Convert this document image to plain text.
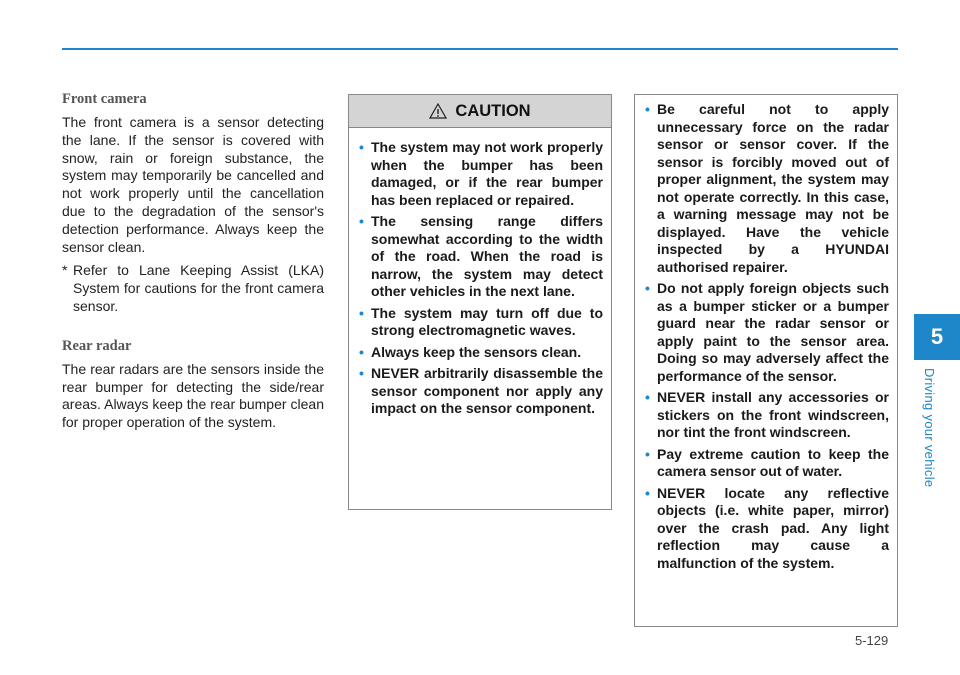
5
Driving your vehicle
Front camera

The front camera is a sensor detecting the lane. If the sensor is covered with snow, rain or foreign substance, the system may temporarily be cancelled and not work properly until the cancellation due to the degradation of the sensor's detection performance. Always keep the sensor clean.

* Refer to Lane Keeping Assist (LKA) System for cautions for the front camera sensor.
Rear radar

The rear radars are the sensors inside the rear bumper for detecting the side/rear areas. Always keep the rear bumper clean for proper operation of the system.

CAUTION
• The system may not work properly when the bumper has been damaged, or if the rear bumper has been replaced or repaired.
• The sensing range differs somewhat according to the width of the road. When the road is narrow, the system may detect other vehicles in the next lane.
• The system may turn off due to strong electromagnetic waves.
• Always keep the sensors clean.
• NEVER arbitrarily disassemble the sensor component nor apply any impact on the sensor component.
• Be careful not to apply unnecessary force on the radar sensor or sensor cover. If the sensor is forcibly moved out of proper alignment, the system may not operate correctly. In this case, a warning message may not be displayed. Have the vehicle inspected by a HYUNDAI authorised repairer.
• Do not apply foreign objects such as a bumper sticker or a bumper guard near the radar sensor or apply paint to the sensor area. Doing so may adversely affect the performance of the sensor.
• NEVER install any accessories or stickers on the front windscreen, nor tint the front windscreen.
• Pay extreme caution to keep the camera sensor out of water.
• NEVER locate any reflective objects (i.e. white paper, mirror) over the crash pad. Any light reflection may cause a malfunction of the system.
5-129
